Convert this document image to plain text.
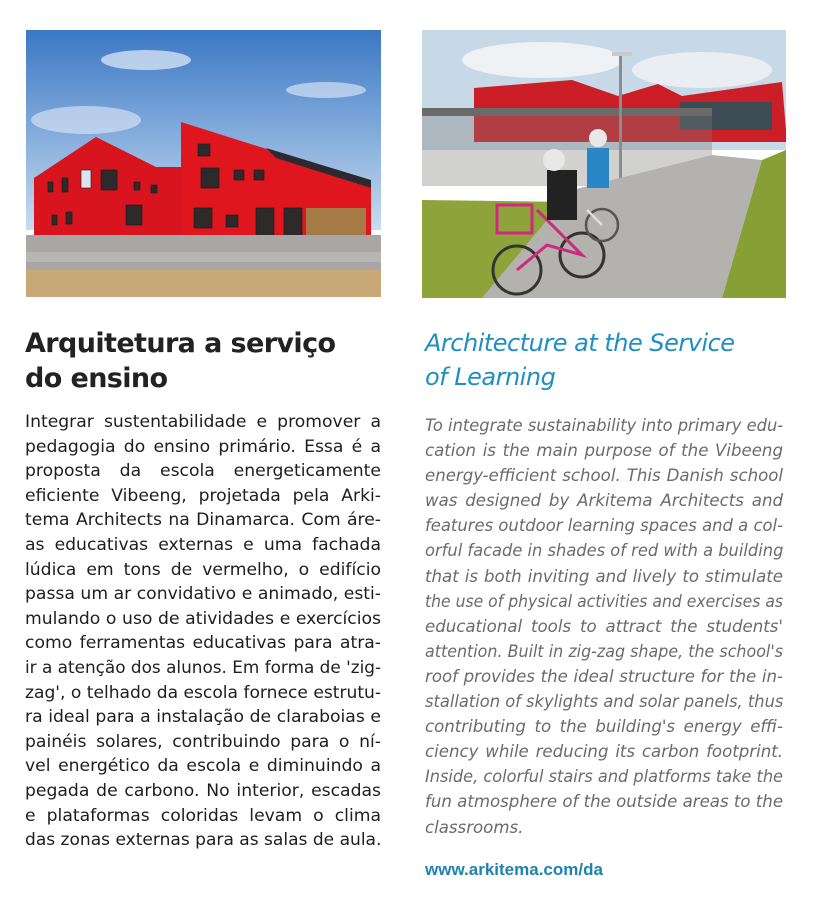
Arquitetura a serviço
do ensino
Integrar sustentabilidade e promover a
pedagogia do ensino primário. Essa é a
proposta da escola energeticamente
eficiente Vibeeng, projetada pela Arki-
tema Architects na Dinamarca. Com áre-
as educativas externas e uma fachada
lúdica em tons de vermelho, o edifício
passa um ar convidativo e animado, esti-
mulando o uso de atividades e exercícios
como ferramentas educativas para atra-
ir a atenção dos alunos. Em forma de 'zig-
zag', o telhado da escola fornece estrutu-
ra ideal para a instalação de claraboias e
painéis solares, contribuindo para o ní-
vel energético da escola e diminuindo a
pegada de carbono. No interior, escadas
e plataformas coloridas levam o clima
das zonas externas para as salas de aula.
Architecture at the Service
of Learning
To integrate sustainability into primary edu-
cation is the main purpose of the Vibeeng
energy-efficient school. This Danish school
was designed by Arkitema Architects and
features outdoor learning spaces and a col-
orful facade in shades of red with a building
that is both inviting and lively to stimulate
the use of physical activities and exercises as
educational tools to attract the students'
attention. Built in zig-zag shape, the school's
roof provides the ideal structure for the in-
stallation of skylights and solar panels, thus
contributing to the building's energy effi-
ciency while reducing its carbon footprint.
Inside, colorful stairs and platforms take the
fun atmosphere of the outside areas to the
classrooms.
www.arkitema.com/da
